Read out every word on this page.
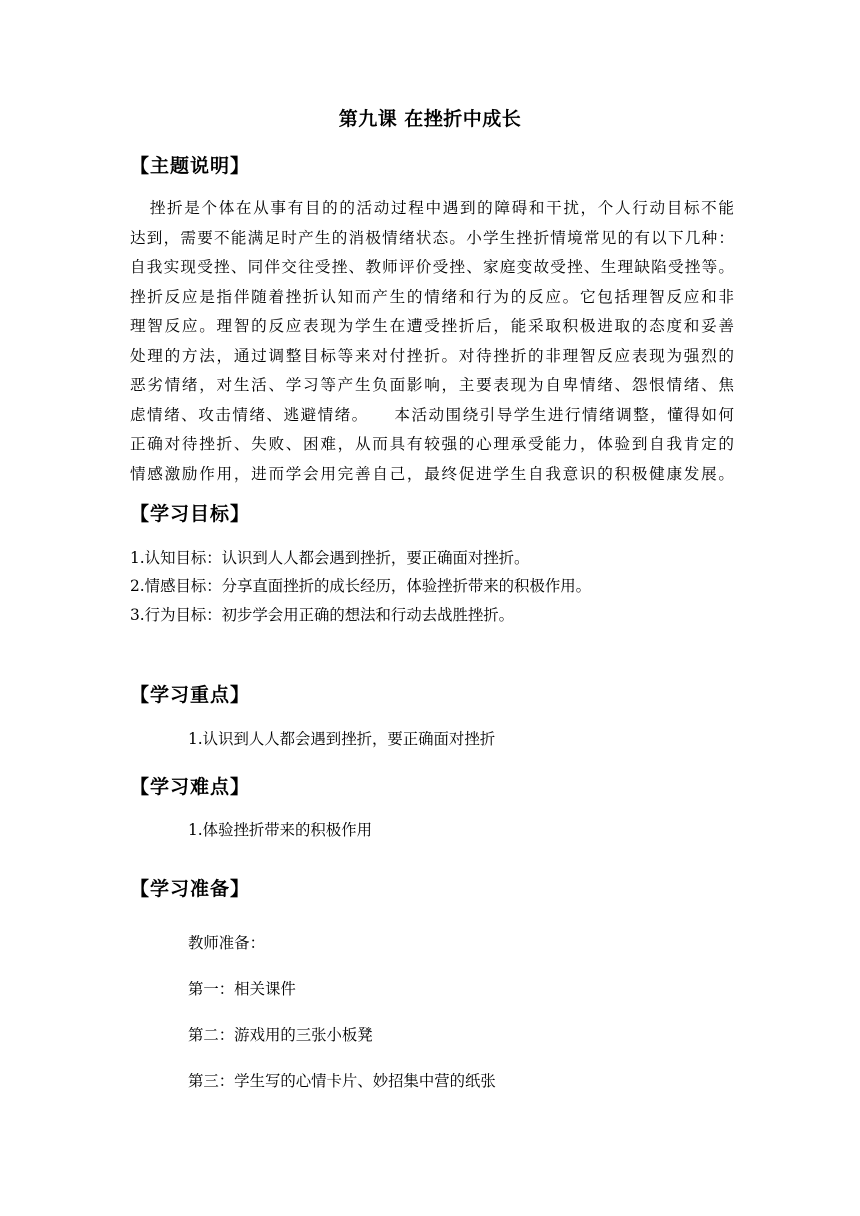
第九课 在挫折中成长
【主题说明】
挫折是个体在从事有目的的活动过程中遇到的障碍和干扰，个人行动目标不能
达到，需要不能满足时产生的消极情绪状态。小学生挫折情境常见的有以下几种：
自我实现受挫、同伴交往受挫、教师评价受挫、家庭变故受挫、生理缺陷受挫等。
挫折反应是指伴随着挫折认知而产生的情绪和行为的反应。它包括理智反应和非
理智反应。理智的反应表现为学生在遭受挫折后，能采取积极进取的态度和妥善
处理的方法，通过调整目标等来对付挫折。对待挫折的非理智反应表现为强烈的
恶劣情绪，对生活、学习等产生负面影响，主要表现为自卑情绪、怨恨情绪、焦
虑情绪、攻击情绪、逃避情绪。    本活动围绕引导学生进行情绪调整，懂得如何
正确对待挫折、失败、困难，从而具有较强的心理承受能力，体验到自我肯定的
情感激励作用，进而学会用完善自己，最终促进学生自我意识的积极健康发展。
【学习目标】
1.认知目标：认识到人人都会遇到挫折，要正确面对挫折。
2.情感目标：分享直面挫折的成长经历，体验挫折带来的积极作用。
3.行为目标：初步学会用正确的想法和行动去战胜挫折。
【学习重点】
1.认识到人人都会遇到挫折，要正确面对挫折
【学习难点】
1.体验挫折带来的积极作用
【学习准备】
教师准备：
第一：相关课件
第二：游戏用的三张小板凳
第三：学生写的心情卡片、妙招集中营的纸张
